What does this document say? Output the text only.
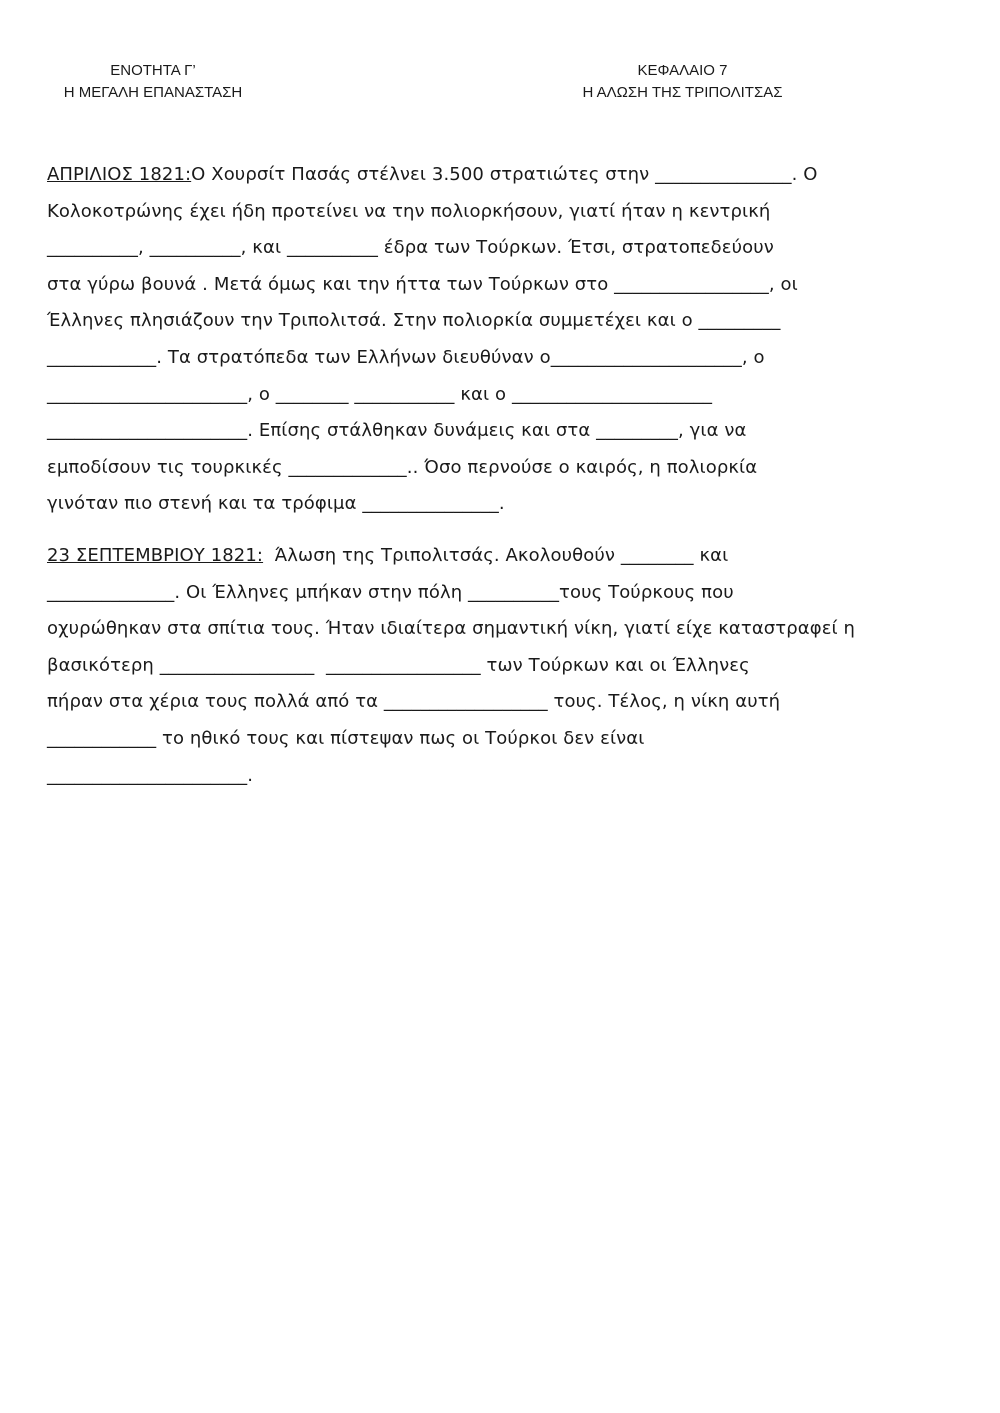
ΕΝΟΤΗΤΑ Γ’
Η ΜΕΓΑΛΗ ΕΠΑΝΑΣΤΑΣΗ
ΚΕΦΑΛΑΙΟ 7
Η ΑΛΩΣΗ ΤΗΣ ΤΡΙΠΟΛΙΤΣΑΣ
ΑΠΡΙΛΙΟΣ 1821:Ο Χουρσίτ Πασάς στέλνει 3.500 στρατιώτες στην _______________. Ο
Κολοκοτρώνης έχει ήδη προτείνει να την πολιορκήσουν, γιατί ήταν η κεντρική
__________, __________, και __________ έδρα των Τούρκων. Έτσι, στρατοπεδεύουν
στα γύρω βουνά . Μετά όμως και την ήττα των Τούρκων στο _________________, οι
Έλληνες πλησιάζουν την Τριπολιτσά. Στην πολιορκία συμμετέχει και ο _________
____________. Τα στρατόπεδα των Ελλήνων διευθύναν ο_____________________, ο
______________________, ο ________ ___________ και ο ______________________
______________________. Επίσης στάλθηκαν δυνάμεις και στα _________, για να
εμποδίσουν τις τουρκικές _____________.. Όσο περνούσε ο καιρός, η πολιορκία
γινόταν πιο στενή και τα τρόφιμα _______________.
23 ΣΕΠΤΕΜΒΡΙΟΥ 1821:  Άλωση της Τριπολιτσάς. Ακολουθούν ________ και
______________. Οι Έλληνες μπήκαν στην πόλη __________τους Τούρκους που
οχυρώθηκαν στα σπίτια τους. Ήταν ιδιαίτερα σημαντική νίκη, γιατί είχε καταστραφεί η
βασικότερη _________________  _________________ των Τούρκων και οι Έλληνες
πήραν στα χέρια τους πολλά από τα __________________ τους. Τέλος, η νίκη αυτή
____________ το ηθικό τους και πίστεψαν πως οι Τούρκοι δεν είναι
______________________.
